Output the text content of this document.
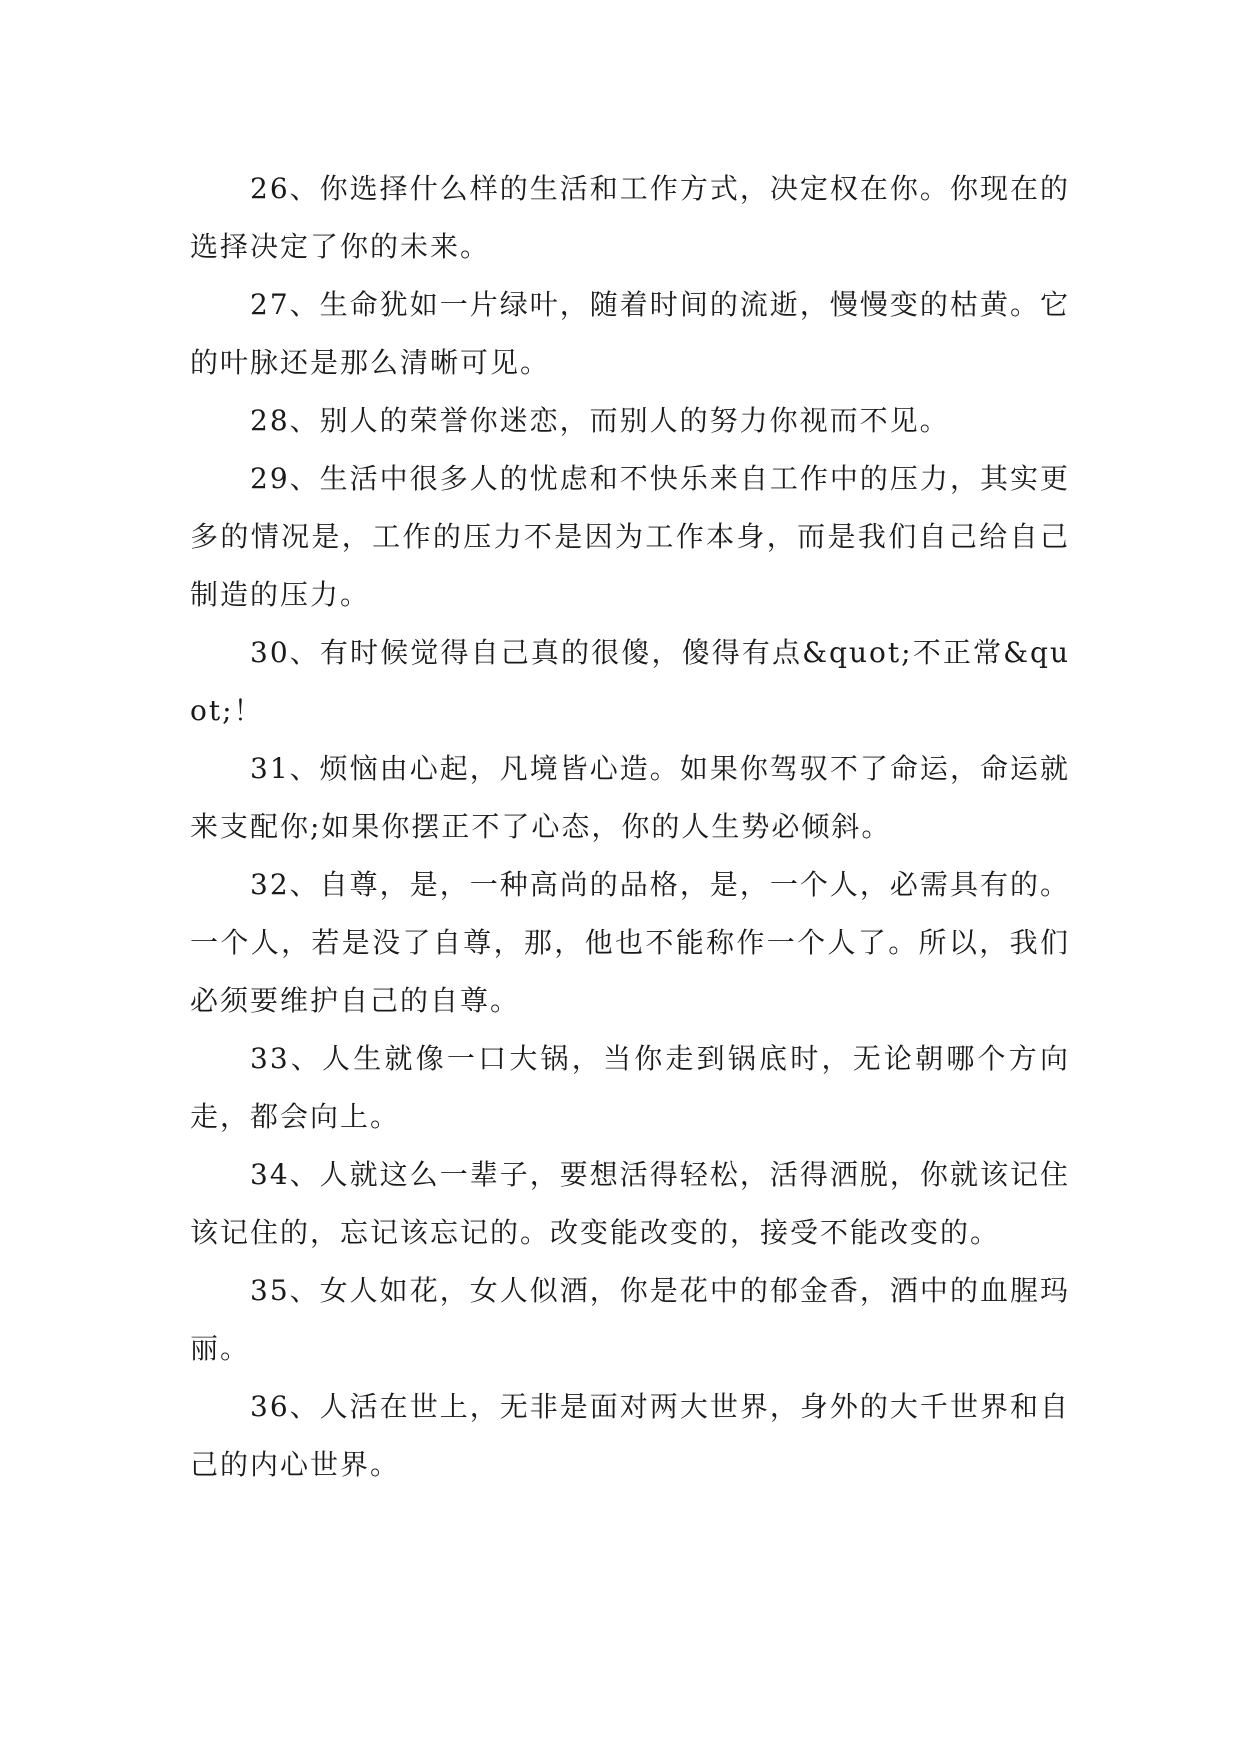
26、你选择什么样的生活和工作方式，决定权在你。你现在的选择决定了你的未来。

27、生命犹如一片绿叶，随着时间的流逝，慢慢变的枯黄。它的叶脉还是那么清晰可见。

28、别人的荣誉你迷恋，而别人的努力你视而不见。

29、生活中很多人的忧虑和不快乐来自工作中的压力，其实更多的情况是，工作的压力不是因为工作本身，而是我们自己给自己制造的压力。

30、有时候觉得自己真的很傻，傻得有点&quot;不正常&quot;！

31、烦恼由心起，凡境皆心造。如果你驾驭不了命运，命运就来支配你;如果你摆正不了心态，你的人生势必倾斜。

32、自尊，是，一种高尚的品格，是，一个人，必需具有的。一个人，若是没了自尊，那，他也不能称作一个人了。所以，我们必须要维护自己的自尊。

33、人生就像一口大锅，当你走到锅底时，无论朝哪个方向走，都会向上。

34、人就这么一辈子，要想活得轻松，活得洒脱，你就该记住该记住的，忘记该忘记的。改变能改变的，接受不能改变的。

35、女人如花，女人似酒，你是花中的郁金香，酒中的血腥玛丽。

36、人活在世上，无非是面对两大世界，身外的大千世界和自己的内心世界。
